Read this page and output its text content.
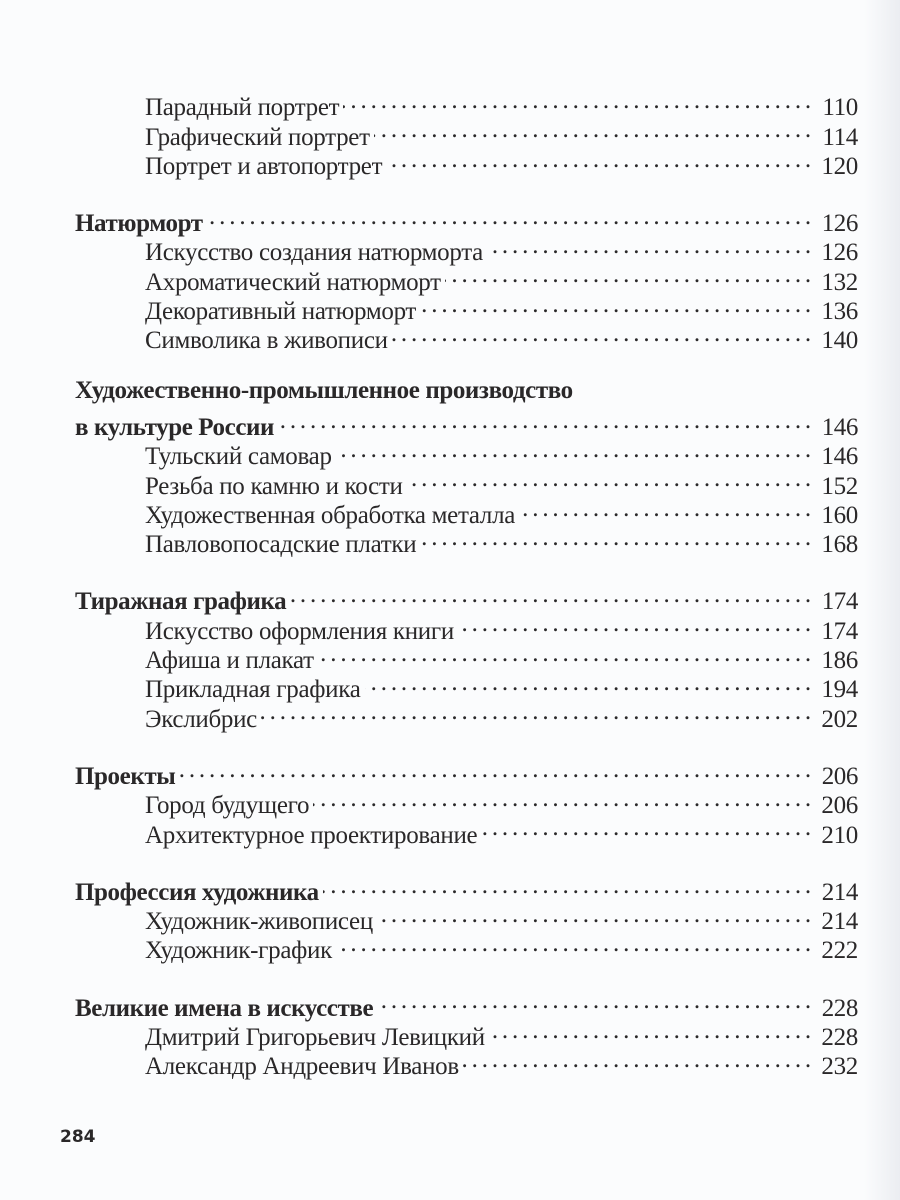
Парадный портрет . . .	110
Графический портрет . . .	114
Портрет и автопортрет . . .	120
Натюрморт . . .	126
Искусство создания натюрморта . . .	126
Ахроматический натюрморт . . .	132
Декоративный натюрморт . . .	136
Символика в живописи . . .	140
Художественно-промышленное производство
в культуре России . . .	146
Тульский самовар . . .	146
Резьба по камню и кости . . .	152
Художественная обработка металла . . .	160
Павловопосадские платки . . .	168
Тиражная графика . . .	174
Искусство оформления книги . . .	174
Афиша и плакат . . .	186
Прикладная графика . . .	194
Экслибрис . . .	202
Проекты . . .	206
Город будущего . . .	206
Архитектурное проектирование . . .	210
Профессия художника . . .	214
Художник-живописец . . .	214
Художник-график . . .	222
Великие имена в искусстве . . .	228
Дмитрий Григорьевич Левицкий . . .	228
Александр Андреевич Иванов . . .	232
284
